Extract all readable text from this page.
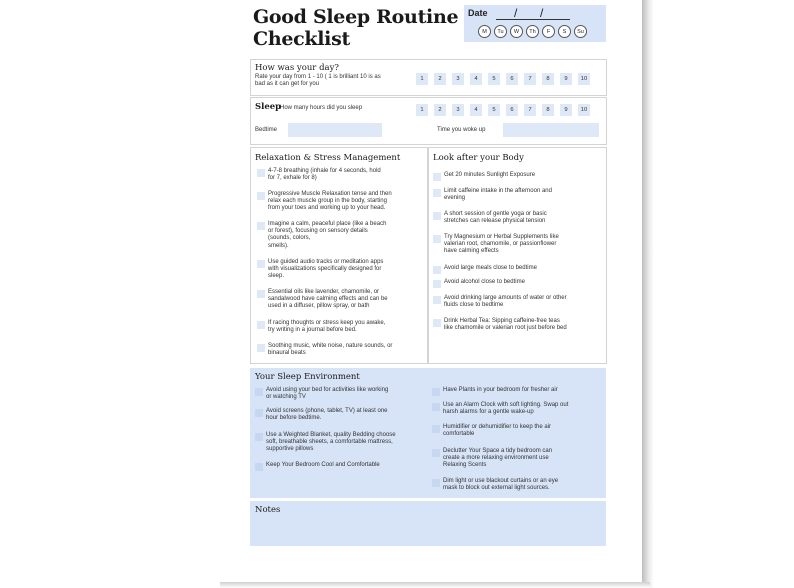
Good Sleep Routine
Checklist
Date / /
M	Tu	W	Th	F	S	Su
How was your day?
Rate your day from 1 - 10 ( 1 is brilliant 10 is as
bad as it can get for you
1	2	3	4	5	6	7	8	9	10
Sleep
How many hours did you sleep	1	2	3	4	5	6	7	8	9	10
Bedtime	Time you woke up
Relaxation & Stress Management
4-7-8 breathing (inhale for 4 seconds, hold
for 7, exhale for 8)
Progressive Muscle Relaxation tense and then
relax each muscle group in the body, starting
from your toes and working up to your head.
Imagine a calm, peaceful place (like a beach
or forest), focusing on sensory details
(sounds, colors,
smells).
Use guided audio tracks or meditation apps
with visualizations specifically designed for
sleep.
Essential oils like lavender, chamomile, or
sandalwood have calming effects and can be
used in a diffuser, pillow spray, or bath
If racing thoughts or stress keep you awake,
try writing in a journal before bed.
Soothing music, white noise, nature sounds, or
binaural beats
Look after your Body
Get 20 minutes Sunlight Exposure
Limit caffeine intake in the afternoon and
evening
A short session of gentle yoga or basic
stretches can release physical tension
Try Magnesium or Herbal Supplements like
valerian root, chamomile, or passionflower
have calming effects
Avoid large meals close to bedtime
Avoid alcohol close to bedtime
Avoid drinking large amounts of water or other
fluids close to bedtime
Drink Herbal Tea: Sipping caffeine-free teas
like chamomile or valerian root just before bed
Your Sleep Environment
Avoid using your bed for activities like working
or watching TV
Avoid screens (phone, tablet, TV) at least one
hour before bedtime.
Use a Weighted Blanket, quality Bedding choose
soft, breathable sheets, a comfortable mattress,
supportive pillows
Keep Your Bedroom Cool and Comfortable
Have Plants in your bedroom for fresher air
Use an Alarm Clock with soft lighting. Swap out
harsh alarms for a gentle wake-up
Humidifier or dehumidifier to keep the air
comfortable
Declutter Your Space a tidy bedroom can
create a more relaxing environment use
Relaxing Scents
Dim light or use blackout curtains or an eye
mask to block out external light sources.
Notes
